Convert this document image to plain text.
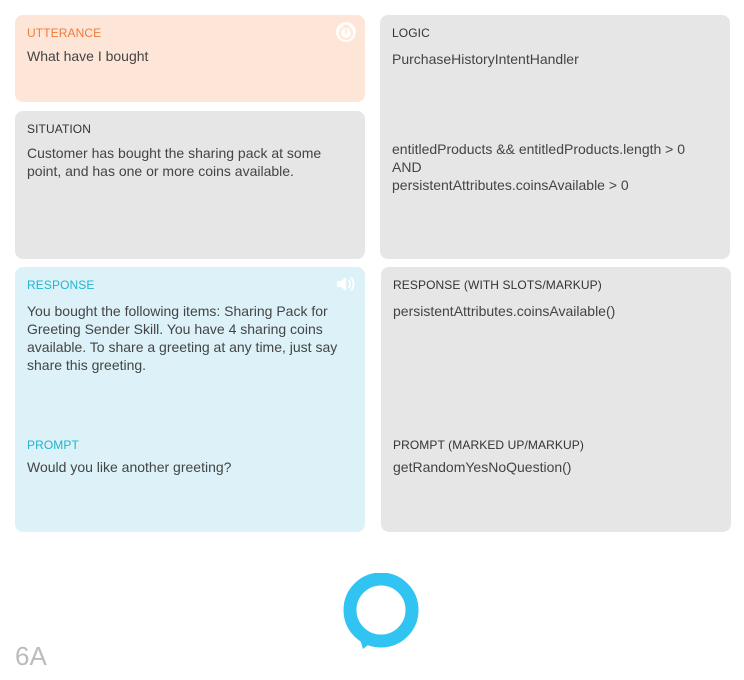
UTTERANCE
What have I bought
SITUATION
Customer has bought the sharing pack at some point, and has one or more coins available.
LOGIC
PurchaseHistoryIntentHandler
entitledProducts && entitledProducts.length > 0
AND
persistentAttributes.coinsAvailable > 0
RESPONSE
You bought the following items: Sharing Pack for Greeting Sender Skill. You have 4 sharing coins available. To share a greeting at any time, just say share this greeting.
PROMPT
Would you like another greeting?
RESPONSE (WITH SLOTS/MARKUP)
persistentAttributes.coinsAvailable()
PROMPT (MARKED UP/MARKUP)
getRandomYesNoQuestion()
6A
